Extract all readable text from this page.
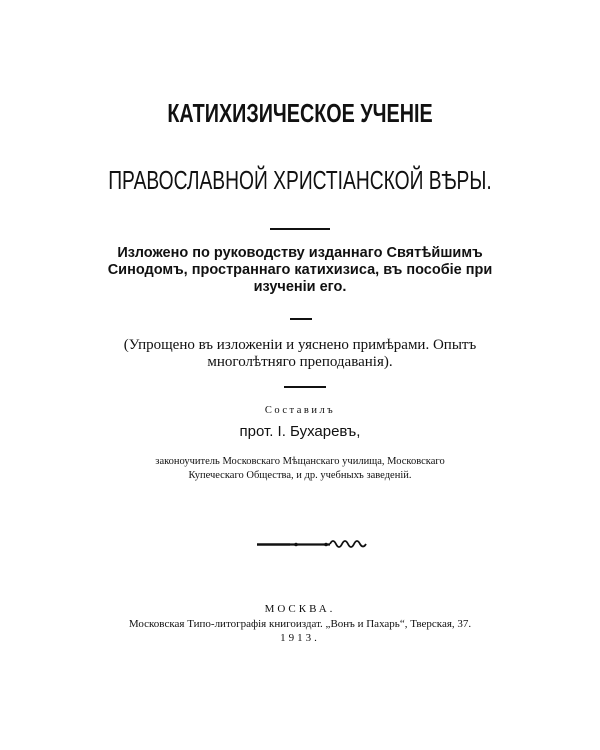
КАТИХИЗИЧЕСКОЕ УЧЕНІЕ
ПРАВОСЛАВНОЙ ХРИСТІАНСКОЙ ВѢРЫ.
Изложено по руководству изданнаго Святѣйшимъ
Синодомъ, пространнаго катихизиса, въ пособіе при
изученіи его.
(Упрощено въ изложеніи и уяснено примѣрами. Опытъ
многолѣтняго преподаванія).
Составилъ
прот. І. Бухаревъ,
законоучитель Московскаго Мѣщанскаго училища, Московскаго
Купеческаго Общества, и др. учебныхъ заведеній.
МОСКВА.
Московская Типо-литографія книгоиздат. „Вонъ и Пахарь“, Тверская, 37.
1913.
